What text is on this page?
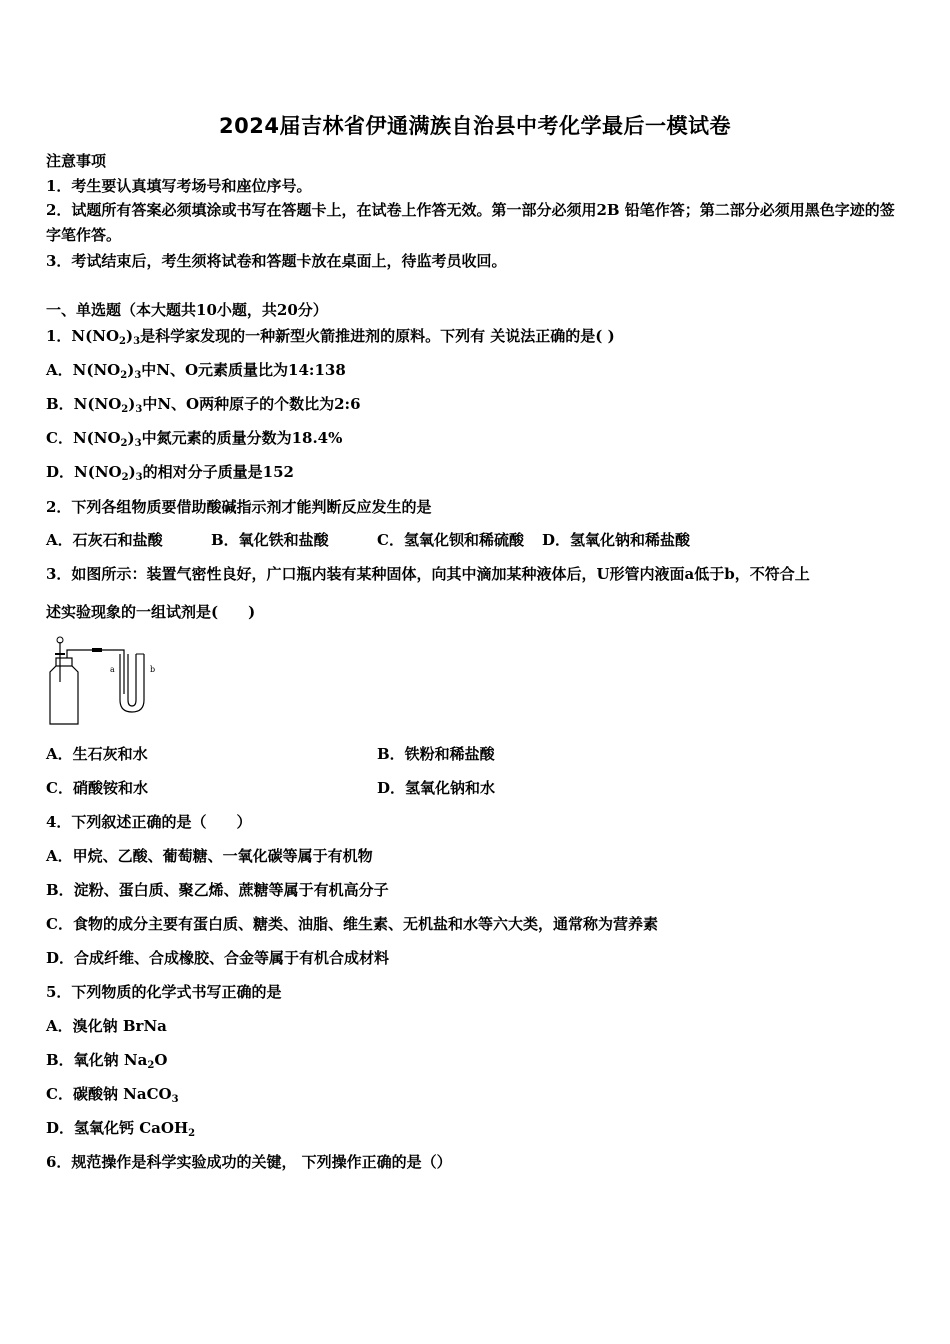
2024届吉林省伊通满族自治县中考化学最后一模试卷
注意事项
1．考生要认真填写考场号和座位序号。
2．试题所有答案必须填涂或书写在答题卡上，在试卷上作答无效。第一部分必须用2B 铅笔作答；第二部分必须用黑色字迹的签字笔作答。
3．考试结束后，考生须将试卷和答题卡放在桌面上，待监考员收回。
一、单选题（本大题共10小题，共20分）
1．$N(NO_2)_3$是科学家发现的一种新型火箭推进剂的原料。下列有 关说法正确的是( )
A．$N(NO_2)_3$中N、O元素质量比为14:138
B．$N(NO_2)_3$中N、O两种原子的个数比为2:6
C．$N(NO_2)_3$中氮元素的质量分数为18.4%
D．$N(NO_2)_3$的相对分子质量是152
2．下列各组物质要借助酸碱指示剂才能判断反应发生的是
A．石灰石和盐酸	B．氧化铁和盐酸	C．氢氧化钡和稀硫酸 D．氢氧化钠和稀盐酸
3．如图所示：装置气密性良好，广口瓶内装有某种固体，向其中滴加某种液体后，U形管内液面a低于b，不符合上
述实验现象的一组试剂是(　　)
a	b
A．生石灰和水	B．铁粉和稀盐酸
C．硝酸铵和水	D．氢氧化钠和水
4．下列叙述正确的是（　　）
A．甲烷、乙酸、葡萄糖、一氧化碳等属于有机物
B．淀粉、蛋白质、聚乙烯、蔗糖等属于有机高分子
C．食物的成分主要有蛋白质、糖类、油脂、维生素、无机盐和水等六大类，通常称为营养素
D．合成纤维、合成橡胶、合金等属于有机合成材料
5．下列物质的化学式书写正确的是
A．溴化钠 BrNa
B．氧化钠 $Na_2O$
C．碳酸钠 NaCO$_3$
D．氢氧化钙 CaOH$_2$
6．规范操作是科学实验成功的关键， 下列操作正确的是（）
